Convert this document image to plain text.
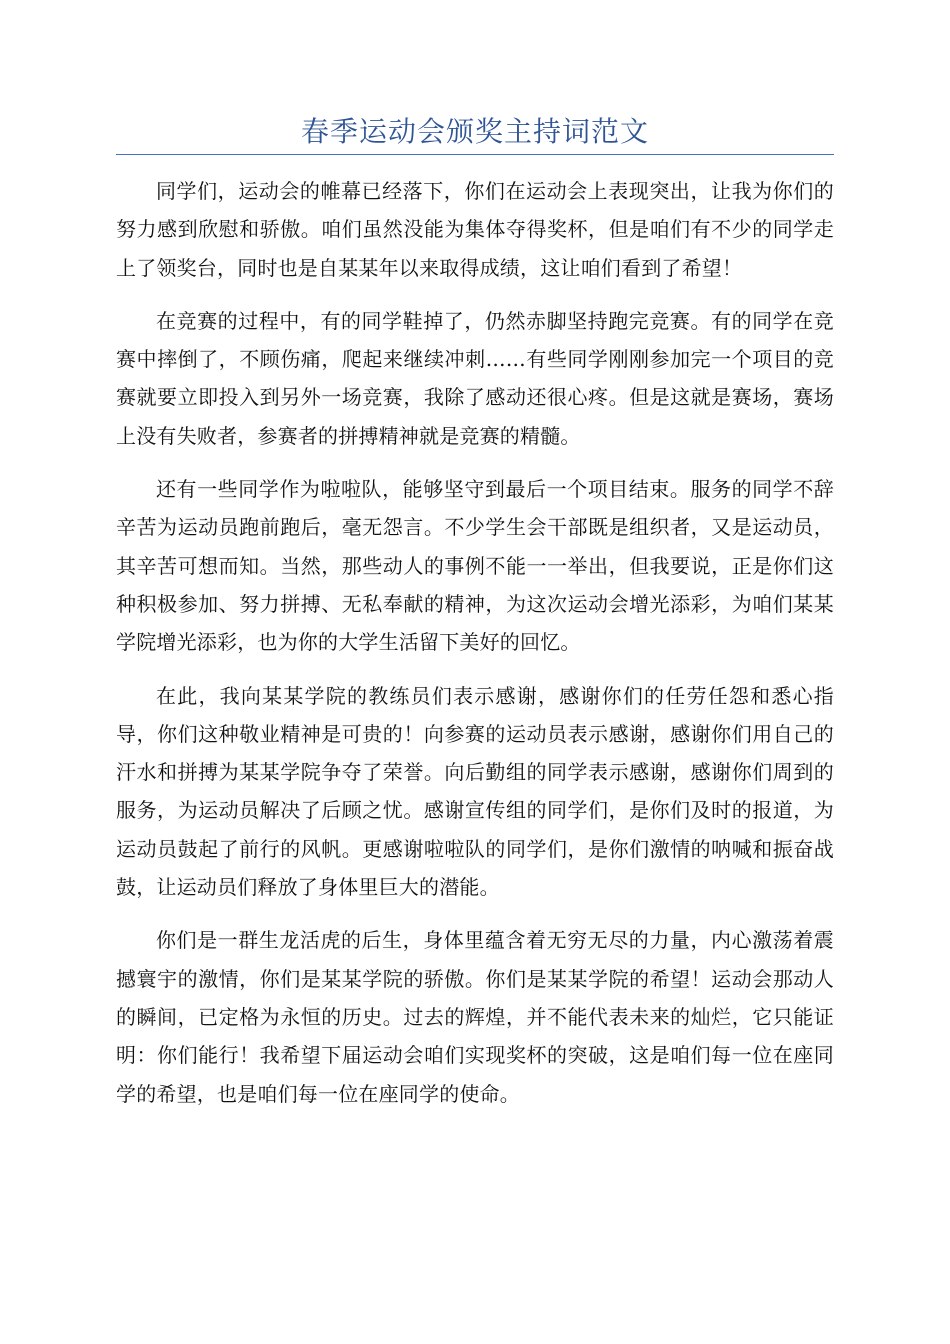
春季运动会颁奖主持词范文

同学们，运动会的帷幕已经落下，你们在运动会上表现突出，让我为你们的努力感到欣慰和骄傲。咱们虽然没能为集体夺得奖杯，但是咱们有不少的同学走上了领奖台，同时也是自某某年以来取得成绩，这让咱们看到了希望！

在竞赛的过程中，有的同学鞋掉了，仍然赤脚坚持跑完竞赛。有的同学在竞赛中摔倒了，不顾伤痛，爬起来继续冲刺……有些同学刚刚参加完一个项目的竞赛就要立即投入到另外一场竞赛，我除了感动还很心疼。但是这就是赛场，赛场上没有失败者，参赛者的拼搏精神就是竞赛的精髓。

还有一些同学作为啦啦队，能够坚守到最后一个项目结束。服务的同学不辞辛苦为运动员跑前跑后，毫无怨言。不少学生会干部既是组织者，又是运动员，其辛苦可想而知。当然，那些动人的事例不能一一举出，但我要说，正是你们这种积极参加、努力拼搏、无私奉献的精神，为这次运动会增光添彩，为咱们某某学院增光添彩，也为你的大学生活留下美好的回忆。

在此，我向某某学院的教练员们表示感谢，感谢你们的任劳任怨和悉心指导，你们这种敬业精神是可贵的！向参赛的运动员表示感谢，感谢你们用自己的汗水和拼搏为某某学院争夺了荣誉。向后勤组的同学表示感谢，感谢你们周到的服务，为运动员解决了后顾之忧。感谢宣传组的同学们，是你们及时的报道，为运动员鼓起了前行的风帆。更感谢啦啦队的同学们，是你们激情的呐喊和振奋战鼓，让运动员们释放了身体里巨大的潜能。

你们是一群生龙活虎的后生，身体里蕴含着无穷无尽的力量，内心激荡着震撼寰宇的激情，你们是某某学院的骄傲。你们是某某学院的希望！运动会那动人的瞬间，已定格为永恒的历史。过去的辉煌，并不能代表未来的灿烂，它只能证明：你们能行！我希望下届运动会咱们实现奖杯的突破，这是咱们每一位在座同学的希望，也是咱们每一位在座同学的使命。
